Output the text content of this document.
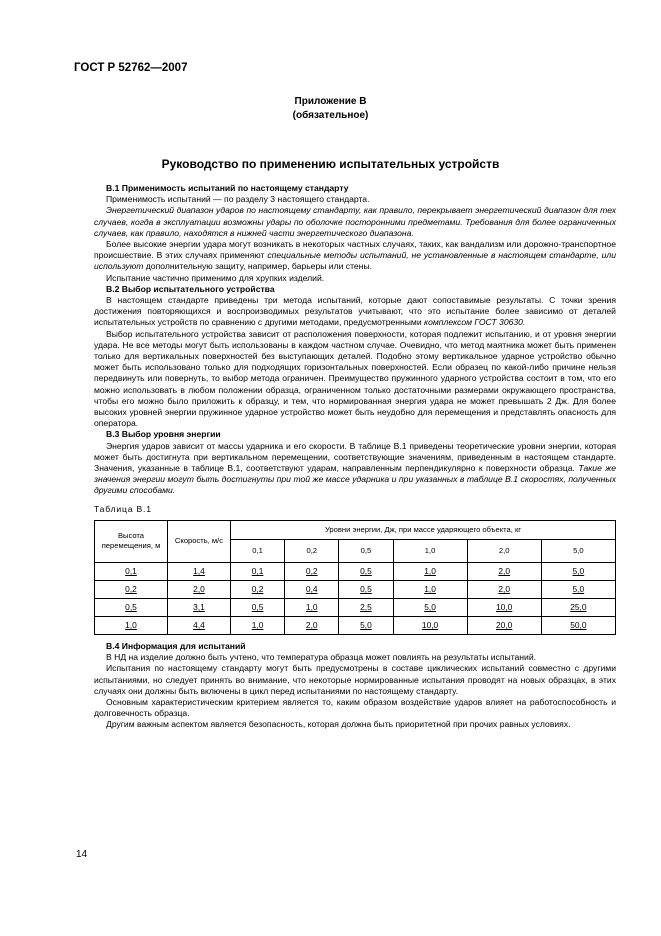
ГОСТ Р 52762—2007
Приложение В
(обязательное)
Руководство по применению испытательных устройств

В.1 Применимость испытаний по настоящему стандарту

Применимость испытаний — по разделу 3 настоящего стандарта.

Энергетический диапазон ударов по настоящему стандарту, как правило, перекрывает энергетический диапазон для тех случаев, когда в эксплуатации возможны удары по оболочке посторонними предметами. Требования для более ограниченных случаев, как правило, находятся в нижней части энергетического диапазона.

Более высокие энергии удара могут возникать в некоторых частных случаях, таких, как вандализм или дорожно-транспортное происшествие. В этих случаях применяют специальные методы испытаний, не установленные в настоящем стандарте, или используют дополнительную защиту, например, барьеры или стены.

Испытание частично применимо для хрупких изделий.

В.2 Выбор испытательного устройства

В настоящем стандарте приведены три метода испытаний, которые дают сопоставимые результаты. С точки зрения достижения повторяющихся и воспроизводимых результатов учитывают, что это испытание более зависимо от деталей испытательных устройств по сравнению с другими методами, предусмотренными комплексом ГОСТ 30630.

Выбор испытательного устройства зависит от расположения поверхности, которая подлежит испытанию, и от уровня энергии удара. Не все методы могут быть использованы в каждом частном случае. Очевидно, что метод маятника может быть применен только для вертикальных поверхностей без выступающих деталей. Подобно этому вертикальное ударное устройство обычно может быть использовано только для подходящих горизонтальных поверхностей. Если образец по какой-либо причине нельзя передвинуть или повернуть, то выбор метода ограничен. Преимущество пружинного ударного устройства состоит в том, что его можно использовать в любом положении образца, ограниченном только достаточными размерами окружающего пространства, чтобы его можно было приложить к образцу, и тем, что нормированная энергия удара не может превышать 2 Дж. Для более высоких уровней энергии пружинное ударное устройство может быть неудобно для перемещения и представлять опасность для оператора.

В.3 Выбор уровня энергии

Энергия ударов зависит от массы ударника и его скорости. В таблице В.1 приведены теоретические уровни энергии, которая может быть достигнута при вертикальном перемещении, соответствующие значениям, приведенным в настоящем стандарте. Значения, указанные в таблице В.1, соответствуют ударам, направленным перпендикулярно к поверхности образца. Такие же значения энергии могут быть достигнуты при той же массе ударника и при указанных в таблице В.1 скоростях, полученных другими способами.

Таблица В.1

Высота перемещения, м	Скорость, м/с	Уровни энергии, Дж, при массе ударяющего объекта, кг					
		0,1	0,2	0,5	1,0	2,0	5,0
0,1	1,4	0,1	0,2	0,5	1,0	2,0	5,0
0,2	2,0	0,2	0,4	0,5	1,0	2,0	5,0
0,5	3,1	0,5	1,0	2,5	5,0	10,0	25,0
1,0	4,4	1,0	2,0	5,0	10,0	20,0	50,0

В.4 Информация для испытаний

В НД на изделие должно быть учтено, что температура образца может повлиять на результаты испытаний.

Испытания по настоящему стандарту могут быть предусмотрены в составе циклических испытаний совместно с другими испытаниями, но следует принять во внимание, что некоторые нормированные испытания проводят на новых образцах, в этих случаях они должны быть включены в цикл перед испытаниями по настоящему стандарту.

Основным характеристическим критерием является то, каким образом воздействие ударов влияет на работоспособность и долговечность образца.

Другим важным аспектом является безопасность, которая должна быть приоритетной при прочих равных условиях.

14
